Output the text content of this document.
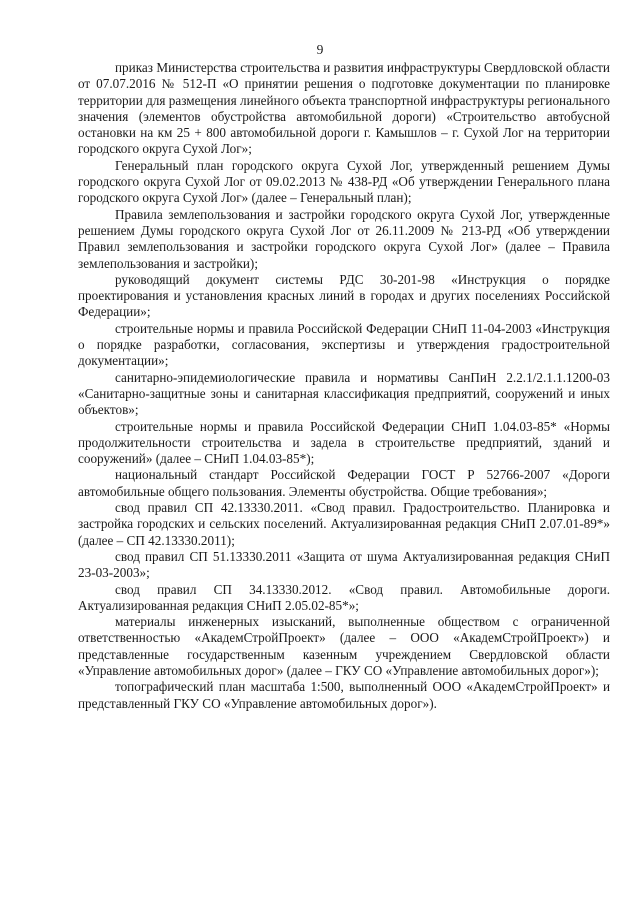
9

приказ Министерства строительства и развития инфраструктуры Свердловской области от 07.07.2016 № 512-П «О принятии решения о подготовке документации по планировке территории для размещения линейного объекта транспортной инфраструктуры регионального значения (элементов обустройства автомобильной дороги) «Строительство автобусной остановки на км 25 + 800 автомобильной дороги г. Камышлов – г. Сухой Лог на территории городского округа Сухой Лог»;

Генеральный план городского округа Сухой Лог, утвержденный решением Думы городского округа Сухой Лог от 09.02.2013 № 438-РД «Об утверждении Генерального плана городского округа Сухой Лог» (далее – Генеральный план);

Правила землепользования и застройки городского округа Сухой Лог, утвержденные решением Думы городского округа Сухой Лог от 26.11.2009 № 213-РД «Об утверждении Правил землепользования и застройки городского округа Сухой Лог» (далее – Правила землепользования и застройки);

руководящий документ системы РДС 30-201-98 «Инструкция о порядке проектирования и установления красных линий в городах и других поселениях Российской Федерации»;

строительные нормы и правила Российской Федерации СНиП 11-04-2003 «Инструкция о порядке разработки, согласования, экспертизы и утверждения градостроительной документации»;

санитарно-эпидемиологические правила и нормативы СанПиН 2.2.1/2.1.1.1200-03 «Санитарно-защитные зоны и санитарная классификация предприятий, сооружений и иных объектов»;

строительные нормы и правила Российской Федерации СНиП 1.04.03-85* «Нормы продолжительности строительства и задела в строительстве предприятий, зданий и сооружений» (далее – СНиП 1.04.03-85*);

национальный стандарт Российской Федерации ГОСТ Р 52766-2007 «Дороги автомобильные общего пользования. Элементы обустройства. Общие требования»;

свод правил СП 42.13330.2011. «Свод правил. Градостроительство. Планировка и застройка городских и сельских поселений. Актуализированная редакция СНиП 2.07.01-89*» (далее – СП 42.13330.2011);

свод правил СП 51.13330.2011 «Защита от шума Актуализированная редакция СНиП 23-03-2003»;

свод правил СП 34.13330.2012. «Свод правил. Автомобильные дороги. Актуализированная редакция СНиП 2.05.02-85*»;

материалы инженерных изысканий, выполненные обществом с ограниченной ответственностью «АкадемСтройПроект» (далее – ООО «АкадемСтройПроект») и представленные государственным казенным учреждением Свердловской области «Управление автомобильных дорог» (далее – ГКУ СО «Управление автомобильных дорог»);

топографический план масштаба 1:500, выполненный ООО «АкадемСтройПроект» и представленный ГКУ СО «Управление автомобильных дорог»).
